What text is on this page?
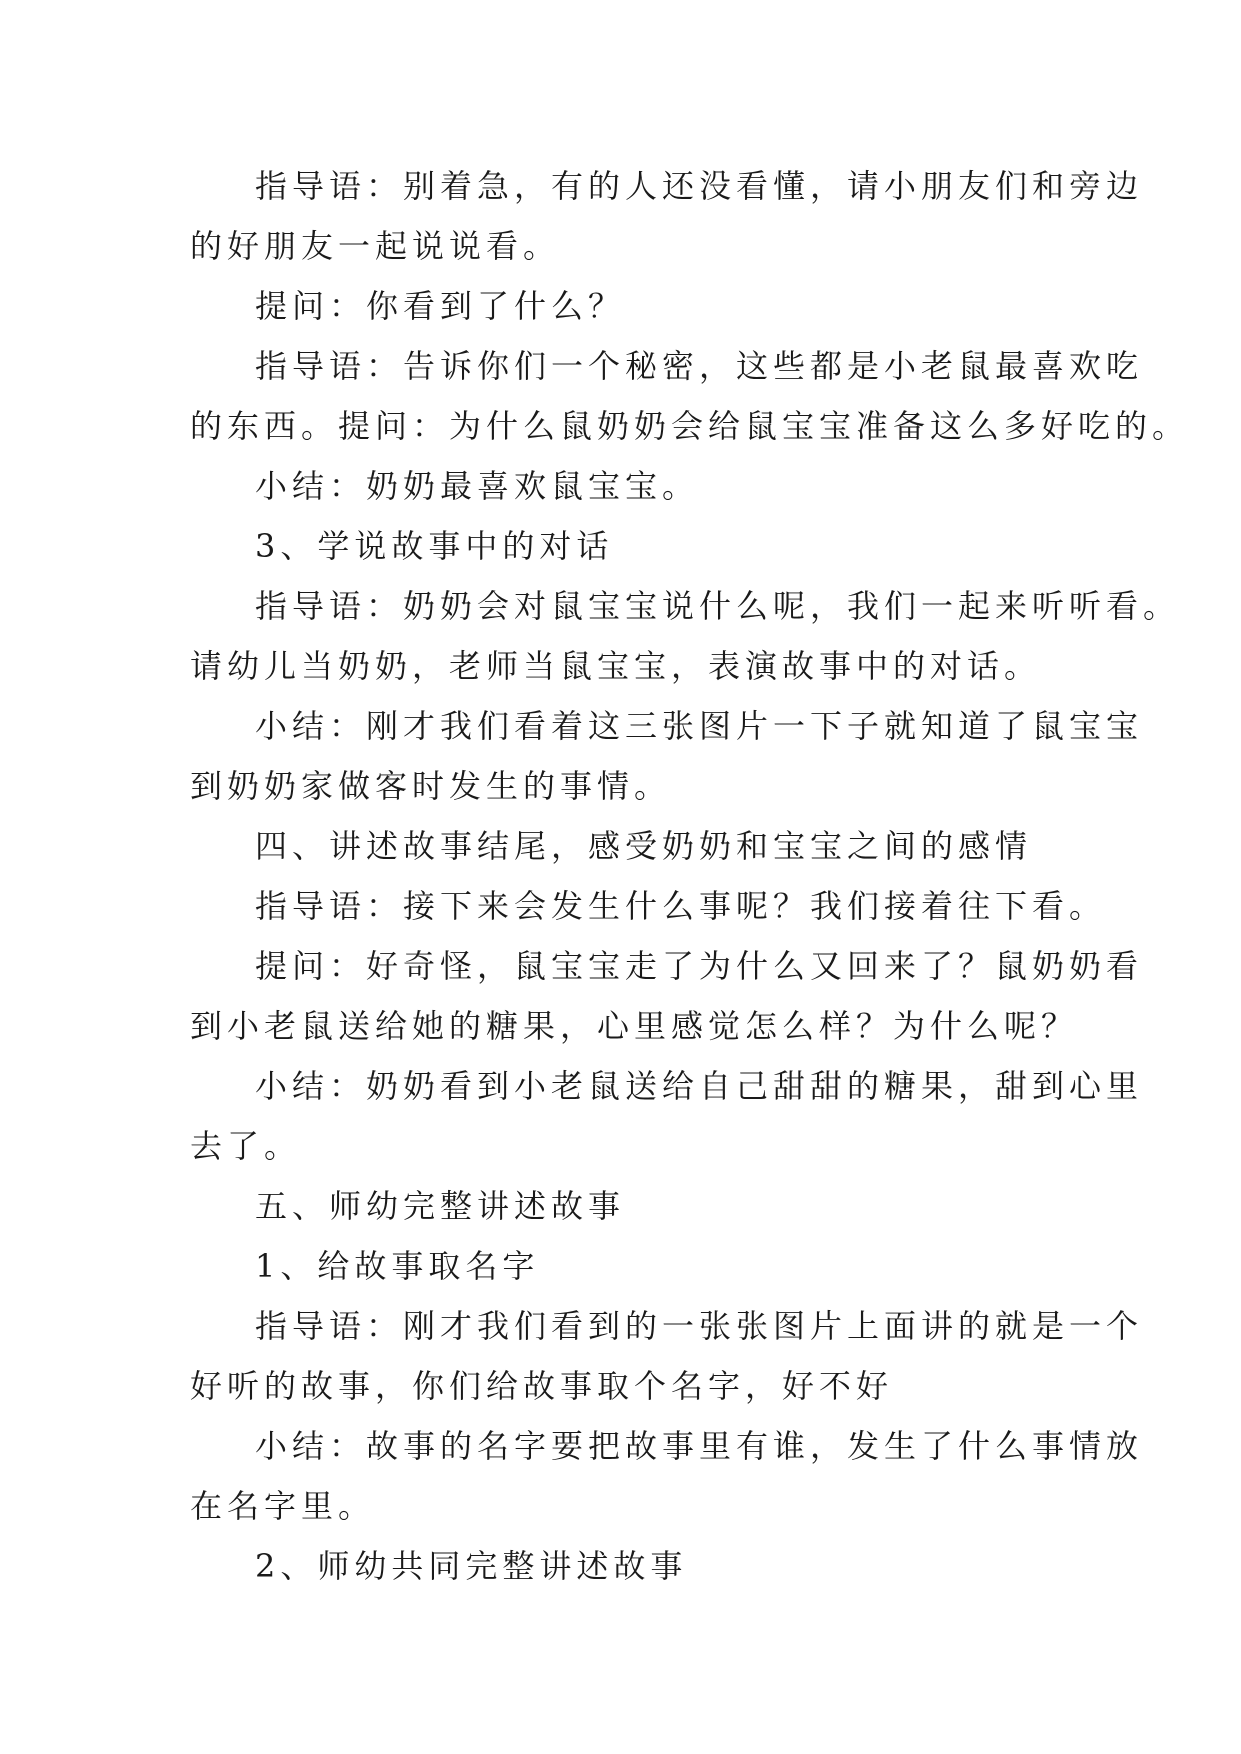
指导语：别着急，有的人还没看懂，请小朋友们和旁边
的好朋友一起说说看。
提问：你看到了什么？
指导语：告诉你们一个秘密，这些都是小老鼠最喜欢吃
的东西。提问：为什么鼠奶奶会给鼠宝宝准备这么多好吃的。
小结：奶奶最喜欢鼠宝宝。
3、学说故事中的对话
指导语：奶奶会对鼠宝宝说什么呢，我们一起来听听看。
请幼儿当奶奶，老师当鼠宝宝，表演故事中的对话。
小结：刚才我们看着这三张图片一下子就知道了鼠宝宝
到奶奶家做客时发生的事情。
四、讲述故事结尾，感受奶奶和宝宝之间的感情
指导语：接下来会发生什么事呢？我们接着往下看。
提问：好奇怪，鼠宝宝走了为什么又回来了？鼠奶奶看
到小老鼠送给她的糖果，心里感觉怎么样？为什么呢？
小结：奶奶看到小老鼠送给自己甜甜的糖果，甜到心里
去了。
五、师幼完整讲述故事
1、给故事取名字
指导语：刚才我们看到的一张张图片上面讲的就是一个
好听的故事，你们给故事取个名字，好不好
小结：故事的名字要把故事里有谁，发生了什么事情放
在名字里。
2、师幼共同完整讲述故事
